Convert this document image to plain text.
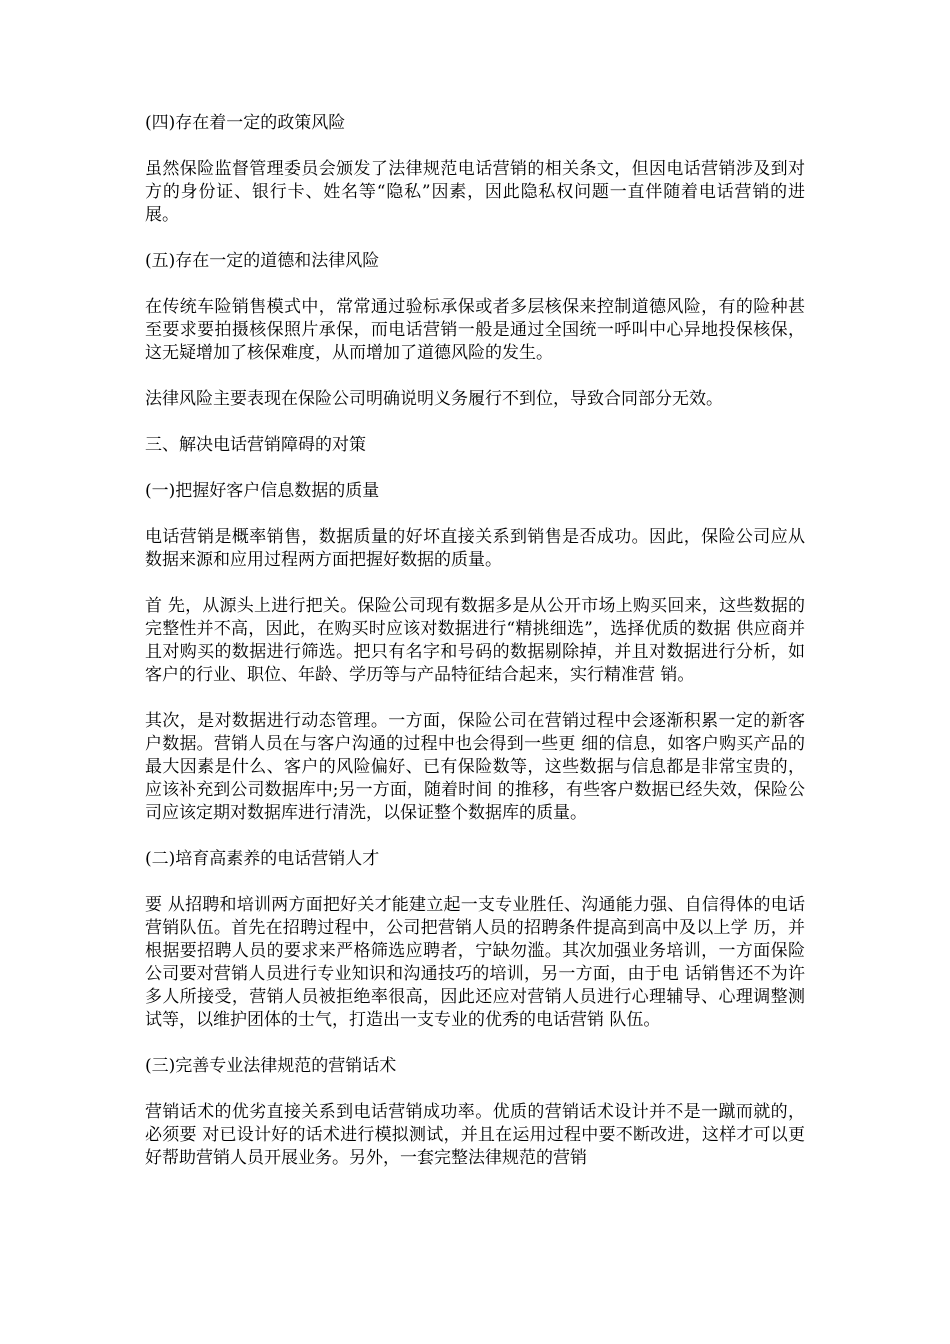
(四)存在着一定的政策风险

虽然保险监督管理委员会颁发了法律规范电话营销的相关条文，但因电话营销涉及到对方的身份证、银行卡、姓名等“隐私”因素，因此隐私权问题一直伴随着电话营销的进展。

(五)存在一定的道德和法律风险

在传统车险销售模式中，常常通过验标承保或者多层核保来控制道德风险，有的险种甚至要求要拍摄核保照片承保，而电话营销一般是通过全国统一呼叫中心异地投保核保，这无疑增加了核保难度，从而增加了道德风险的发生。

法律风险主要表现在保险公司明确说明义务履行不到位，导致合同部分无效。

三、解决电话营销障碍的对策

(一)把握好客户信息数据的质量

电话营销是概率销售，数据质量的好坏直接关系到销售是否成功。因此，保险公司应从数据来源和应用过程两方面把握好数据的质量。

首 先，从源头上进行把关。保险公司现有数据多是从公开市场上购买回来，这些数据的完整性并不高，因此，在购买时应该对数据进行“精挑细选”，选择优质的数据 供应商并且对购买的数据进行筛选。把只有名字和号码的数据剔除掉，并且对数据进行分析，如客户的行业、职位、年龄、学历等与产品特征结合起来，实行精准营 销。

其次，是对数据进行动态管理。一方面，保险公司在营销过程中会逐渐积累一定的新客户数据。营销人员在与客户沟通的过程中也会得到一些更 细的信息，如客户购买产品的最大因素是什么、客户的风险偏好、已有保险数等，这些数据与信息都是非常宝贵的，应该补充到公司数据库中;另一方面，随着时间 的推移，有些客户数据已经失效，保险公司应该定期对数据库进行清洗，以保证整个数据库的质量。

(二)培育高素养的电话营销人才

要 从招聘和培训两方面把好关才能建立起一支专业胜任、沟通能力强、自信得体的电话营销队伍。首先在招聘过程中，公司把营销人员的招聘条件提高到高中及以上学 历，并根据要招聘人员的要求来严格筛选应聘者，宁缺勿滥。其次加强业务培训，一方面保险公司要对营销人员进行专业知识和沟通技巧的培训，另一方面，由于电 话销售还不为许多人所接受，营销人员被拒绝率很高，因此还应对营销人员进行心理辅导、心理调整测试等，以维护团体的士气，打造出一支专业的优秀的电话营销 队伍。

(三)完善专业法律规范的营销话术

营销话术的优劣直接关系到电话营销成功率。优质的营销话术设计并不是一蹴而就的，必须要 对已设计好的话术进行模拟测试，并且在运用过程中要不断改进，这样才可以更好帮助营销人员开展业务。另外，一套完整法律规范的营销
